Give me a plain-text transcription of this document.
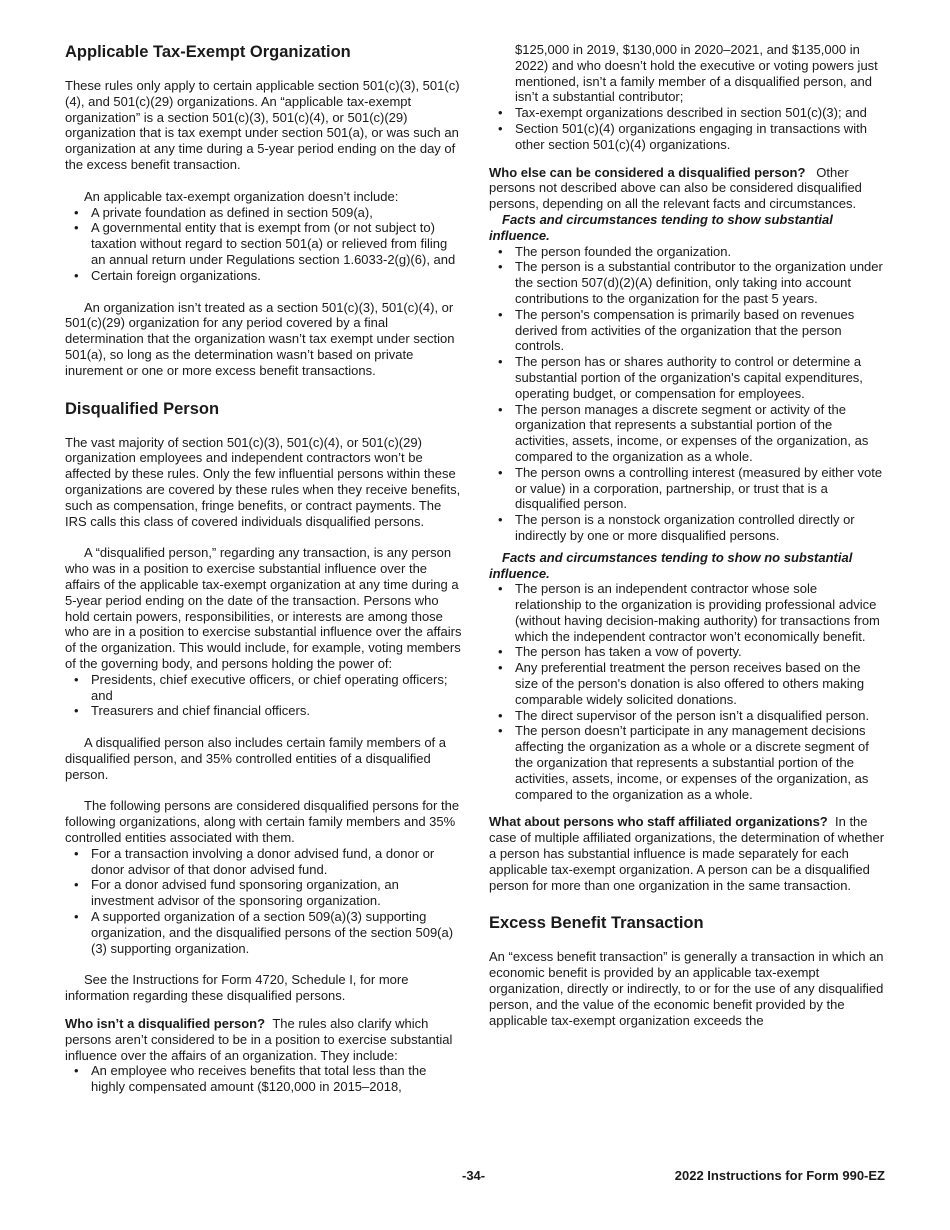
Applicable Tax-Exempt Organization

These rules only apply to certain applicable section 501(c)(3), 501(c)(4), and 501(c)(29) organizations. An “applicable tax-exempt organization” is a section 501(c)(3), 501(c)(4), or 501(c)(29) organization that is tax exempt under section 501(a), or was such an organization at any time during a 5-year period ending on the day of the excess benefit transaction.

An applicable tax-exempt organization doesn’t include:

• A private foundation as defined in section 509(a),
• A governmental entity that is exempt from (or not subject to) taxation without regard to section 501(a) or relieved from filing an annual return under Regulations section 1.6033-2(g)(6), and
• Certain foreign organizations.

An organization isn’t treated as a section 501(c)(3), 501(c)(4), or 501(c)(29) organization for any period covered by a final determination that the organization wasn’t tax exempt under section 501(a), so long as the determination wasn’t based on private inurement or one or more excess benefit transactions.

Disqualified Person

The vast majority of section 501(c)(3), 501(c)(4), or 501(c)(29) organization employees and independent contractors won’t be affected by these rules. Only the few influential persons within these organizations are covered by these rules when they receive benefits, such as compensation, fringe benefits, or contract payments. The IRS calls this class of covered individuals disqualified persons.

A “disqualified person,” regarding any transaction, is any person who was in a position to exercise substantial influence over the affairs of the applicable tax-exempt organization at any time during a 5-year period ending on the date of the transaction. Persons who hold certain powers, responsibilities, or interests are among those who are in a position to exercise substantial influence over the affairs of the organization. This would include, for example, voting members of the governing body, and persons holding the power of:

• Presidents, chief executive officers, or chief operating officers; and
• Treasurers and chief financial officers.

A disqualified person also includes certain family members of a disqualified person, and 35% controlled entities of a disqualified person.

The following persons are considered disqualified persons for the following organizations, along with certain family members and 35% controlled entities associated with them.

• For a transaction involving a donor advised fund, a donor or donor advisor of that donor advised fund.
• For a donor advised fund sponsoring organization, an investment advisor of the sponsoring organization.
• A supported organization of a section 509(a)(3) supporting organization, and the disqualified persons of the section 509(a)(3) supporting organization.

See the Instructions for Form 4720, Schedule I, for more information regarding these disqualified persons.

Who isn’t a disqualified person? The rules also clarify which persons aren’t considered to be in a position to exercise substantial influence over the affairs of an organization. They include:

• An employee who receives benefits that total less than the highly compensated amount ($120,000 in 2015–2018,

$125,000 in 2019, $130,000 in 2020–2021, and $135,000 in 2022) and who doesn’t hold the executive or voting powers just mentioned, isn’t a family member of a disqualified person, and isn’t a substantial contributor;

• Tax-exempt organizations described in section 501(c)(3); and
• Section 501(c)(4) organizations engaging in transactions with other section 501(c)(4) organizations.

Who else can be considered a disqualified person? Other persons not described above can also be considered disqualified persons, depending on all the relevant facts and circumstances.

Facts and circumstances tending to show substantial influence.

• The person founded the organization.
• The person is a substantial contributor to the organization under the section 507(d)(2)(A) definition, only taking into account contributions to the organization for the past 5 years.
• The person's compensation is primarily based on revenues derived from activities of the organization that the person controls.
• The person has or shares authority to control or determine a substantial portion of the organization's capital expenditures, operating budget, or compensation for employees.
• The person manages a discrete segment or activity of the organization that represents a substantial portion of the activities, assets, income, or expenses of the organization, as compared to the organization as a whole.
• The person owns a controlling interest (measured by either vote or value) in a corporation, partnership, or trust that is a disqualified person.
• The person is a nonstock organization controlled directly or indirectly by one or more disqualified persons.

Facts and circumstances tending to show no substantial influence.

• The person is an independent contractor whose sole relationship to the organization is providing professional advice (without having decision-making authority) for transactions from which the independent contractor won’t economically benefit.
• The person has taken a vow of poverty.
• Any preferential treatment the person receives based on the size of the person's donation is also offered to others making comparable widely solicited donations.
• The direct supervisor of the person isn’t a disqualified person.
• The person doesn’t participate in any management decisions affecting the organization as a whole or a discrete segment of the organization that represents a substantial portion of the activities, assets, income, or expenses of the organization, as compared to the organization as a whole.

What about persons who staff affiliated organizations? In the case of multiple affiliated organizations, the determination of whether a person has substantial influence is made separately for each applicable tax-exempt organization. A person can be a disqualified person for more than one organization in the same transaction.

Excess Benefit Transaction

An “excess benefit transaction” is generally a transaction in which an economic benefit is provided by an applicable tax-exempt organization, directly or indirectly, to or for the use of any disqualified person, and the value of the economic benefit provided by the applicable tax-exempt organization exceeds the

-34-	2022 Instructions for Form 990-EZ
